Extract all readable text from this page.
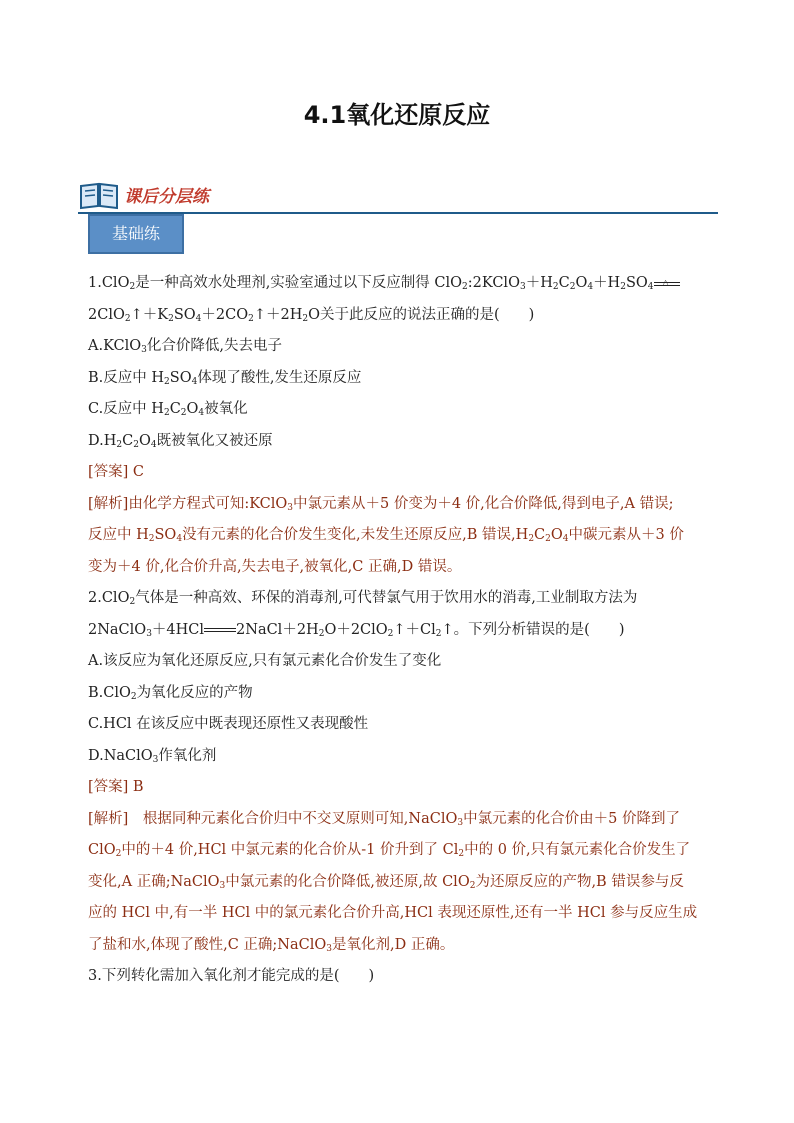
4.1氧化还原反应
课后分层练
基础练
1.ClO$_2$是一种高效水处理剂,实验室通过以下反应制得 $ClO_2:2KClO_3+H_2C_2O_4+H_2SO_4$ △
$2ClO_2↑+K_2SO_4+2CO_2↑+2H_2O$关于此反应的说法正确的是(　　)
A.KClO$_3$化合价降低,失去电子
B.反应中 $H_2SO_4$体现了酸性,发生还原反应
C.反应中 $H_2C_2O_4$被氧化
$D.H_2C_2O_4$既被氧化又被还原
[答案] C
[解析]由化学方程式可知:KClO$_3$中氯元素从＋5 价变为＋4 价,化合价降低,得到电子,A 错误;
反应中 $H_2SO_4$没有元素的化合价发生变化,未发生还原反应,B 错误$,H_2C_2O_4$中碳元素从＋3 价
变为＋4 价,化合价升高,失去电子,被氧化,C 正确,D 错误。
2.ClO$_2$气体是一种高效、环保的消毒剂,可代替氯气用于饮用水的消毒,工业制取方法为
2NaClO$_3$＋4HCl $2NaCl+2H_2O+2ClO_2↑+Cl_2↑$。下列分析错误的是(　　)
A.该反应为氧化还原反应,只有氯元素化合价发生了变化
B.ClO$_2$为氧化反应的产物
C.HCl 在该反应中既表现还原性又表现酸性
D.NaClO$_3$作氧化剂
[答案] B
[解析]　根据同种元素化合价归中不交叉原则可知,NaClO$_3$中氯元素的化合价由＋5 价降到了
ClO$_2$中的＋4 价,HCl 中氯元素的化合价从-1 价升到了 $Cl_2$中的 0 价,只有氯元素化合价发生了
变化,A 正确;NaClO$_3$中氯元素的化合价降低,被还原,故 ClO$_2$为还原反应的产物,B 错误参与反
应的 HCl 中,有一半 HCl 中的氯元素化合价升高,HCl 表现还原性,还有一半 HCl 参与反应生成
了盐和水,体现了酸性,C 正确;NaClO$_3$是氧化剂,D 正确。
3.下列转化需加入氧化剂才能完成的是(　　)
